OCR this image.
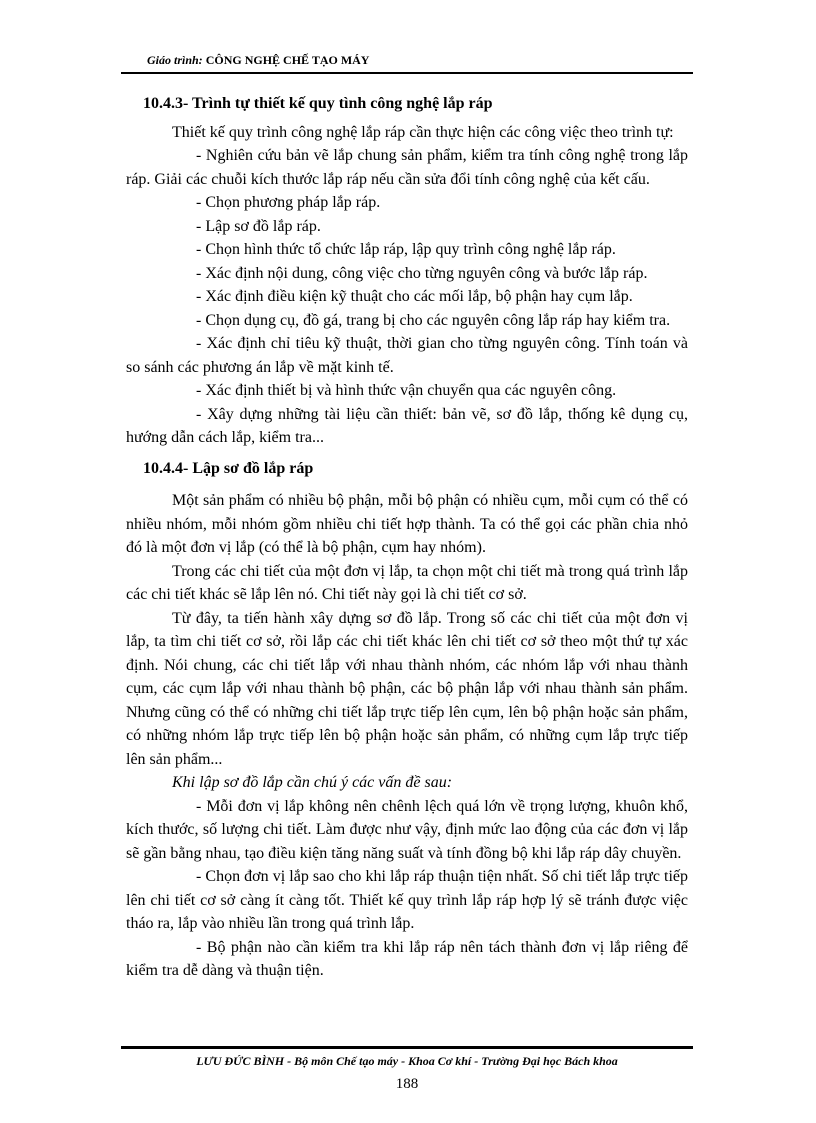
Giáo trình: CÔNG NGHỆ CHẾ TẠO MÁY

10.4.3- Trình tự thiết kế quy tình công nghệ lắp ráp

Thiết kế quy trình công nghệ lắp ráp cần thực hiện các công việc theo trình tự:

- Nghiên cứu bản vẽ lắp chung sản phẩm, kiểm tra tính công nghệ trong lắp ráp. Giải các chuỗi kích thước lắp ráp nếu cần sửa đổi tính công nghệ của kết cấu.

- Chọn phương pháp lắp ráp.

- Lập sơ đồ lắp ráp.

- Chọn hình thức tổ chức lắp ráp, lập quy trình công nghệ lắp ráp.

- Xác định nội dung, công việc cho từng nguyên công và bước lắp ráp.

- Xác định điều kiện kỹ thuật cho các mối lắp, bộ phận hay cụm lắp.

- Chọn dụng cụ, đồ gá, trang bị cho các nguyên công lắp ráp hay kiểm tra.

- Xác định chỉ tiêu kỹ thuật, thời gian cho từng nguyên công. Tính toán và so sánh các phương án lắp về mặt kinh tế.

- Xác định thiết bị và hình thức vận chuyển qua các nguyên công.

- Xây dựng những tài liệu cần thiết: bản vẽ, sơ đồ lắp, thống kê dụng cụ, hướng dẫn cách lắp, kiểm tra...

10.4.4- Lập sơ đồ lắp ráp

Một sản phẩm có nhiều bộ phận, mỗi bộ phận có nhiều cụm, mỗi cụm có thể có nhiều nhóm, mỗi nhóm gồm nhiều chi tiết hợp thành. Ta có thể gọi các phần chia nhỏ đó là một đơn vị lắp (có thể là bộ phận, cụm hay nhóm).

Trong các chi tiết của một đơn vị lắp, ta chọn một chi tiết mà trong quá trình lắp các chi tiết khác sẽ lắp lên nó. Chi tiết này gọi là chi tiết cơ sở.

Từ đây, ta tiến hành xây dựng sơ đồ lắp. Trong số các chi tiết của một đơn vị lắp, ta tìm chi tiết cơ sở, rồi lắp các chi tiết khác lên chi tiết cơ sở theo một thứ tự xác định. Nói chung, các chi tiết lắp với nhau thành nhóm, các nhóm lắp với nhau thành cụm, các cụm lắp với nhau thành bộ phận, các bộ phận lắp với nhau thành sản phẩm. Nhưng cũng có thể có những chi tiết lắp trực tiếp lên cụm, lên bộ phận hoặc sản phẩm, có những nhóm lắp trực tiếp lên bộ phận hoặc sản phẩm, có những cụm lắp trực tiếp lên sản phẩm...

Khi lập sơ đồ lắp cần chú ý các vấn đề sau:

- Mỗi đơn vị lắp không nên chênh lệch quá lớn về trọng lượng, khuôn khổ, kích thước, số lượng chi tiết. Làm được như vậy, định mức lao động của các đơn vị lắp sẽ gần bằng nhau, tạo điều kiện tăng năng suất và tính đồng bộ khi lắp ráp dây chuyền.

- Chọn đơn vị lắp sao cho khi lắp ráp thuận tiện nhất. Số chi tiết lắp trực tiếp lên chi tiết cơ sở càng ít càng tốt. Thiết kế quy trình lắp ráp hợp lý sẽ tránh được việc tháo ra, lắp vào nhiều lần trong quá trình lắp.

- Bộ phận nào cần kiểm tra khi lắp ráp nên tách thành đơn vị lắp riêng để kiểm tra dễ dàng và thuận tiện.

LƯU ĐỨC BÌNH - Bộ môn Chế tạo máy - Khoa Cơ khí - Trường Đại học Bách khoa
188
